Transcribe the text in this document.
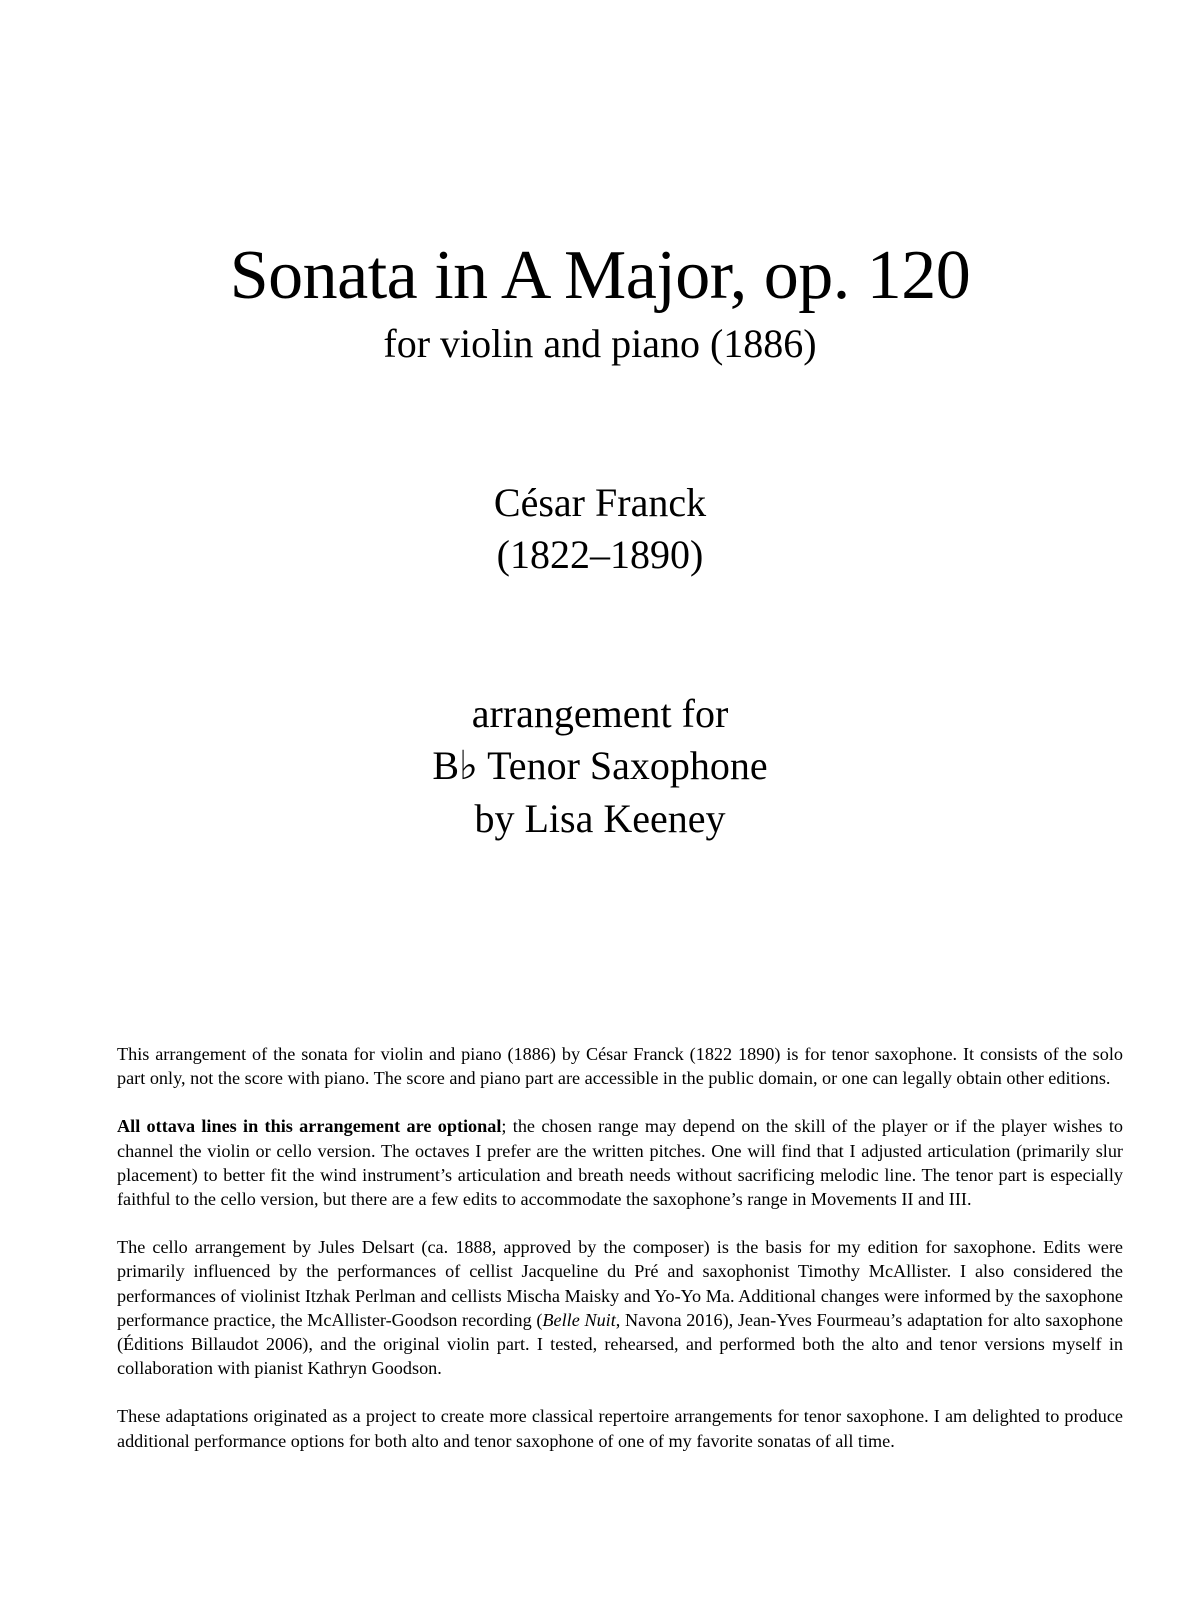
Sonata in A Major, op. 120
for violin and piano (1886)
César Franck
(1822–1890)
arrangement for
B♭ Tenor Saxophone
by Lisa Keeney

This arrangement of the sonata for violin and piano (1886) by César Franck (1822 1890) is for tenor saxophone. It consists of the solo part only, not the score with piano. The score and piano part are accessible in the public domain, or one can legally obtain other editions.

All ottava lines in this arrangement are optional; the chosen range may depend on the skill of the player or if the player wishes to channel the violin or cello version. The octaves I prefer are the written pitches. One will find that I adjusted articulation (primarily slur placement) to better fit the wind instrument’s articulation and breath needs without sacrificing melodic line. The tenor part is especially faithful to the cello version, but there are a few edits to accommodate the saxophone’s range in Movements II and III.

The cello arrangement by Jules Delsart (ca. 1888, approved by the composer) is the basis for my edition for saxophone. Edits were primarily influenced by the performances of cellist Jacqueline du Pré and saxophonist Timothy McAllister. I also considered the performances of violinist Itzhak Perlman and cellists Mischa Maisky and Yo-Yo Ma. Additional changes were informed by the saxophone performance practice, the McAllister-Goodson recording (Belle Nuit, Navona 2016), Jean-Yves Fourmeau’s adaptation for alto saxophone (Éditions Billaudot 2006), and the original violin part. I tested, rehearsed, and performed both the alto and tenor versions myself in collaboration with pianist Kathryn Goodson.

These adaptations originated as a project to create more classical repertoire arrangements for tenor saxophone. I am delighted to produce additional performance options for both alto and tenor saxophone of one of my favorite sonatas of all time.
